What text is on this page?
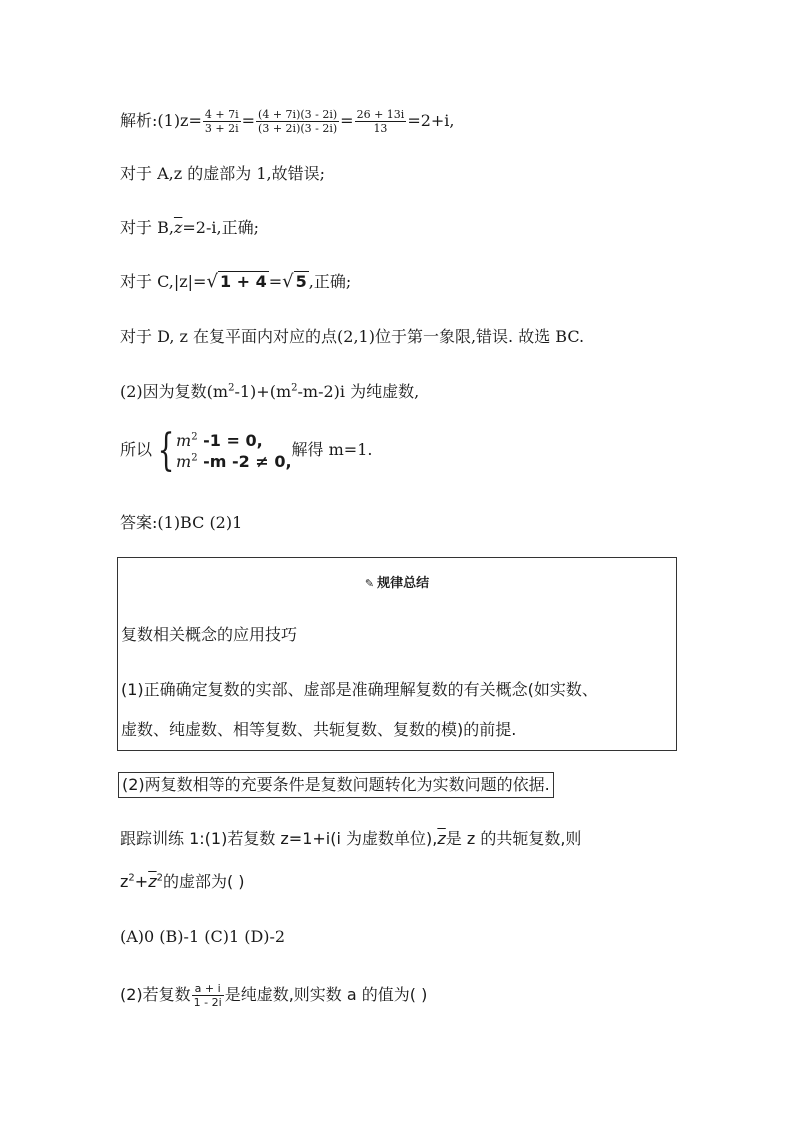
解析:(1)z= $\frac{4 + 7i}{3 + 2i} = \frac{(4 + 7i)(3 - 2i)}{(3 + 2i)(3 - 2i)} = \frac{26 + 13i}{13} =2+i$,
对于 A,z 的虚部为 1,故错误;
对于 $B,\overline{z}=2-i$,正确;
对于 C,|z|=√ 1 + 4 =√ 5 ,正确;
对于 D, z 在复平面内对应的点(2,1)位于第一象限,错误. 故选 BC.
(2)因为复数$(m^2-1)+(m^2-m-2)i$ 为纯虚数,
所以 { $m^2$ -1 = 0,
$m^2$ -m -2 ≠ 0,
解得 m=1.
答案:(1)BC (2)1
✎ 规律总结
复数相关概念的应用技巧
(1)正确确定复数的实部、虚部是准确理解复数的有关概念(如实数、
虚数、纯虚数、相等复数、共轭复数、复数的模)的前提.
(2)两复数相等的充要条件是复数问题转化为实数问题的依据.
跟踪训练 1:(1)若复数 z=1+i(i 为虚数单位)$,\overline{z}$是 z 的共轭复数,则
$z^2+\overline{z}^2$的虚部为( )
(A)0 (B)-1 (C)1 (D)-2
(2)若复数 $\frac{a + i}{1 - 2i}$ 是纯虚数,则实数 a 的值为( )
